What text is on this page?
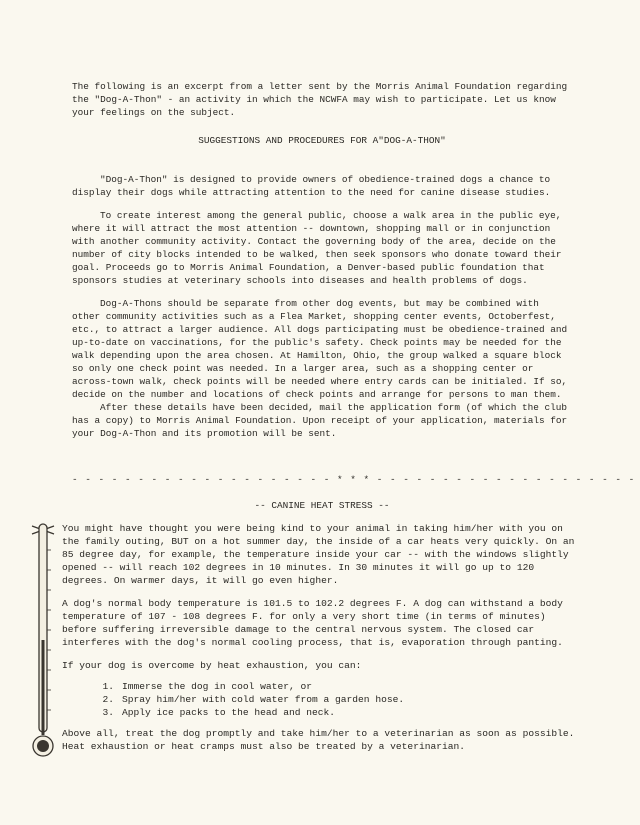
The following is an excerpt from a letter sent by the Morris Animal Foundation regarding the "Dog-A-Thon" - an activity in which the NCWFA may wish to participate. Let us know your feelings on the subject.

SUGGESTIONS AND PROCEDURES FOR A"DOG-A-THON"

"Dog-A-Thon" is designed to provide owners of obedience-trained dogs a chance to display their dogs while attracting attention to the need for canine disease studies.

To create interest among the general public, choose a walk area in the public eye, where it will attract the most attention -- downtown, shopping mall or in conjunction with another community activity. Contact the governing body of the area, decide on the number of city blocks intended to be walked, then seek sponsors who donate toward their goal. Proceeds go to Morris Animal Foundation, a Denver-based public foundation that sponsors studies at veterinary schools into diseases and health problems of dogs.

Dog-A-Thons should be separate from other dog events, but may be combined with other community activities such as a Flea Market, shopping center events, Octoberfest, etc., to attract a larger audience. All dogs participating must be obedience-trained and up-to-date on vaccinations, for the public's safety. Check points may be needed for the walk depending upon the area chosen. At Hamilton, Ohio, the group walked a square block so only one check point was needed. In a larger area, such as a shopping center or across-town walk, check points will be needed where entry cards can be initialed. If so, decide on the number and locations of check points and arrange for persons to man them.

After these details have been decided, mail the application form (of which the club has a copy) to Morris Animal Foundation. Upon receipt of your application, materials for your Dog-A-Thon and its promotion will be sent.

- - - - - - - - - - - - - - - - - - - - * * * - - - - - - - - - - - - - - - - - - - -
-- CANINE HEAT STRESS --

You might have thought you were being kind to your animal in taking him/her with you on the family outing, BUT on a hot summer day, the inside of a car heats very quickly. On an 85 degree day, for example, the temperature inside your car -- with the windows slightly opened -- will reach 102 degrees in 10 minutes. In 30 minutes it will go up to 120 degrees. On warmer days, it will go even higher.

A dog's normal body temperature is 101.5 to 102.2 degrees F. A dog can withstand a body temperature of 107 - 108 degrees F. for only a very short time (in terms of minutes) before suffering irreversible damage to the central nervous system. The closed car interferes with the dog's normal cooling process, that is, evaporation through panting.

If your dog is overcome by heat exhaustion, you can:

1. Immerse the dog in cool water, or
2. Spray him/her with cold water from a garden hose.
3. Apply ice packs to the head and neck.

Above all, treat the dog promptly and take him/her to a veterinarian as soon as possible. Heat exhaustion or heat cramps must also be treated by a veterinarian.
